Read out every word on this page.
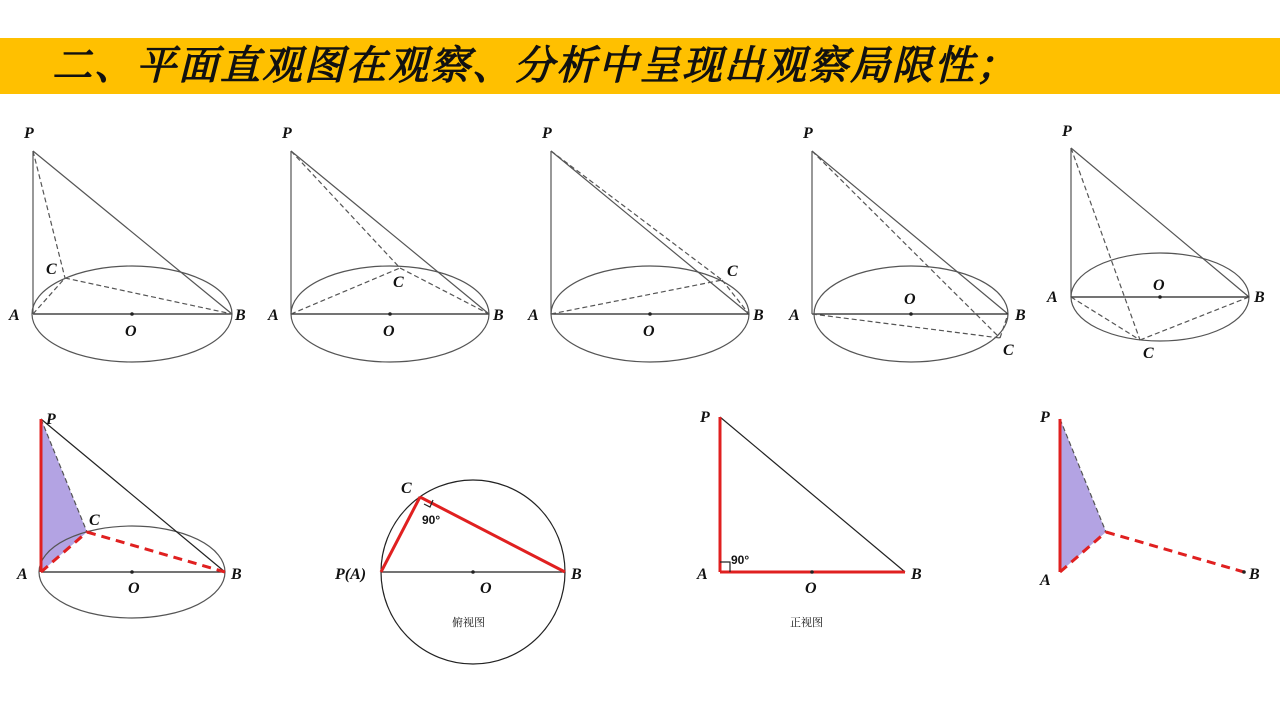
二、平面直观图在观察、分析中呈现出观察局限性；
P
C
A	B
O
P
C
A	B
O
P
C
A	B
O
P
C
A	B
O
P
C
A	B
O
P
C
A	B
O
C
90°
P(A)	B
O
俯视图
P
90°
A	B
O
正视图
P
A	B
